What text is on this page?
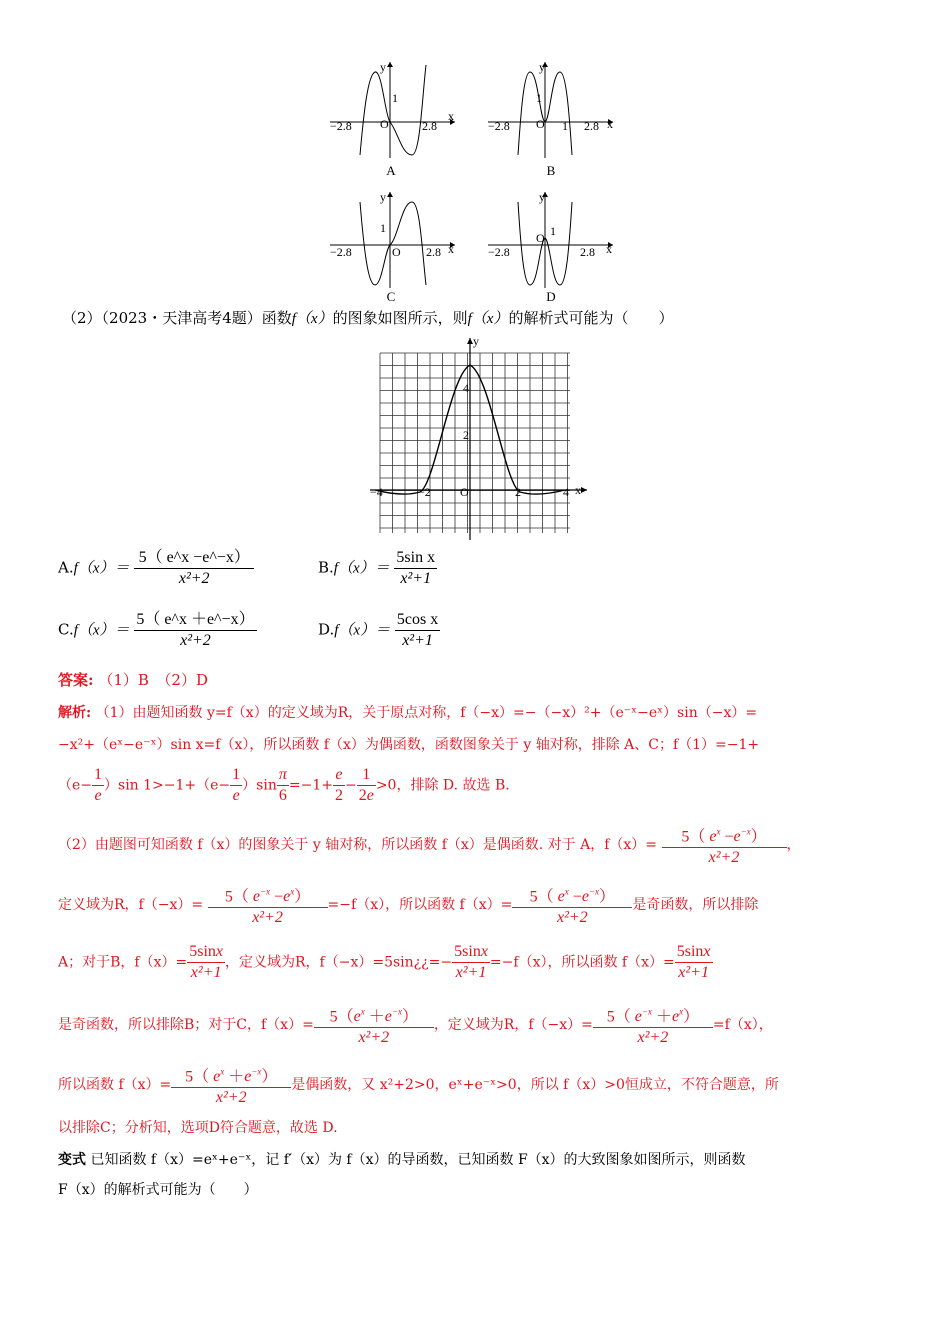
−2.8	2.8
1
O
x
y
A
−2.8	2.8
1
1
O	x
y
B
−2.8	2.8
1
O	x
y
C
−2.8	2.8
1
O
x
y
D
（2）（2023・天津高考4题）函数f（x）的图象如图所示，则f（x）的解析式可能为（　　）
y
x
O
4
2
−4	−2	2	4
$A.f(x)= \frac{5( e\^{}x -e\^{}-x)}{\text{x²+2}}$	$B.f(x)= \frac{\text{5sin x}}{\text{x²+1}}$
$C.f(x)= \frac{5( e\^{}x +e\^{}-x)}{\text{x²+2}}$	$D.f(x)= \frac{\text{5cos x}}{\text{x²+1}}$
答案: （1）B　（2）D
解析: （1）由题知函数 y=f（x）的定义域为R，关于原点对称，f（−x）=−（−x）²+（e⁻ˣ−eˣ）sin（−x）=
−x²+（eˣ−e⁻ˣ）sin x=f（x），所以函数 f（x）为偶函数，函数图象关于 y 轴对称，排除 A、C；f（1）=−1+
$(e- \frac{1}{e} )\sin$ $1>-1+(e- \frac{1}{e} )\sin \frac{\pi}{6} =-1+ \frac{e}{2} - \frac{1}{2e} >0$，排除 D. 故选 B.
（2）由题图可知函数 f（x）的图象关于 y 轴对称，所以函数 f（x）是偶函数. 对于 A，$f(x)= \frac{5( e^x -e^{-x})}{\text{x²+2}}$ ，
定义域为R，$f(-x)= \frac{5( e^{-x} -e^x)}{\text{x²+2}} =-f(x)$，所以函数 $f(x)= \frac{5( e^x -e^{-x})}{\text{x²+2}}$ 是奇函数，所以排除
A；对于B，$f(x)= \frac{5\sin x}{\text{x²+1}}$ ，定义域为R，f（−x）=5sin¿¿=− $\frac{5\sin x}{\text{x²+1}} =-f(x)$，所以函数 $f(x)= \frac{5\sin x}{\text{x²+1}}$
是奇函数，所以排除B；对于C，$f(x)= \frac{5(e^x +e^{-x})}{\text{x²+2}}$ ，定义域为R，$f(-x)= \frac{5( e^{-x} +e^x)}{\text{x²+2}} =f(x)$，
所以函数 $f(x)= \frac{5( e^x +e^{-x})}{\text{x²+2}}$ 是偶函数，又 x²+2>0，eˣ+e⁻ˣ>0，所以 f（x）>0恒成立，不符合题意，所
以排除C；分析知，选项D符合题意，故选 D.
变式 已知函数 f（x）=eˣ+e⁻ˣ，记 f′（x）为 f（x）的导函数，已知函数 F（x）的大致图象如图所示，则函数
F（x）的解析式可能为（　　）
